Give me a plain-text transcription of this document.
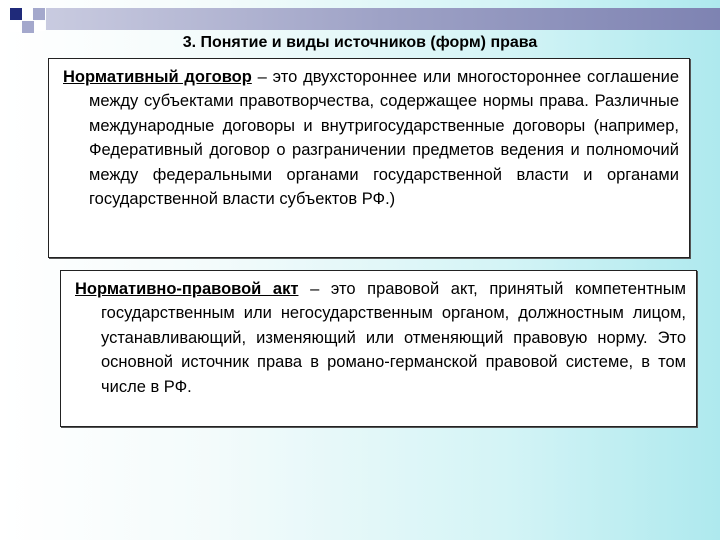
3. Понятие и виды источников (форм) права

Нормативный договор – это двухстороннее или многостороннее соглашение между субъектами правотворчества, содержащее нормы права. Различные международные договоры и внутригосударственные договоры (например, Федеративный договор о разграничении предметов ведения и полномочий между федеральными органами государственной власти и органами государственной власти субъектов РФ.)

Нормативно-правовой акт – это правовой акт, принятый компетентным государственным или негосударственным органом, должностным лицом, устанавливающий, изменяющий или отменяющий правовую норму. Это основной источник права в романо-германской правовой системе, в том числе в РФ.
